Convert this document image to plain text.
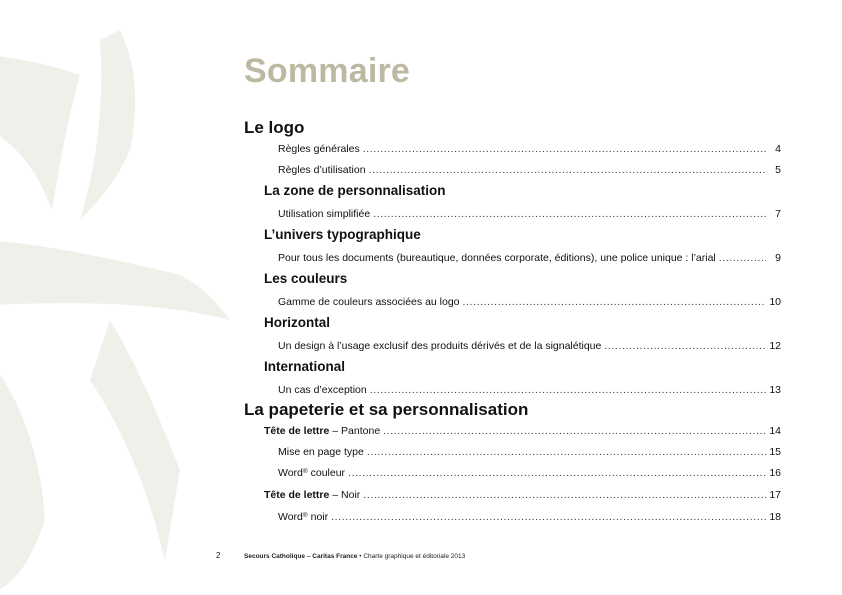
Sommaire
Le logo
Règles générales .....	4
Règles d’utilisation .....	5
La zone de personnalisation
Utilisation simplifiée .....	7
L’univers typographique
Pour tous les documents (bureautique, données corporate, éditions), une police unique : l’arial .....	9
Les couleurs
Gamme de couleurs associées au logo .....	10
Horizontal
Un design à l’usage exclusif des produits dérivés et de la signalétique .....	12
International
Un cas d’exception .....	13
La papeterie et sa personnalisation
Tête de lettre – Pantone .....	14
Mise en page type .....	15
Word® couleur .....	16
Tête de lettre – Noir .....	17
Word® noir .....	18
2	Secours Catholique – Caritas France • Charte graphique et éditoriale 2013
